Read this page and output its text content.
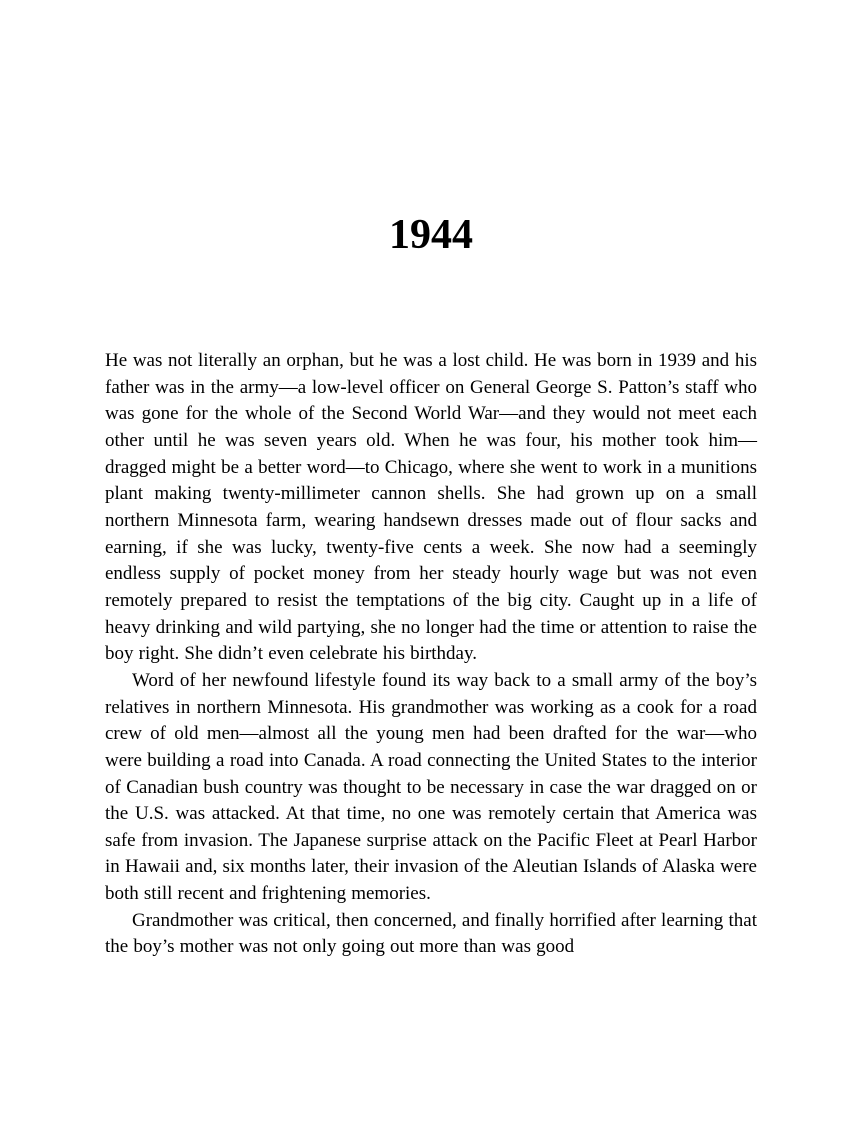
1944

He was not literally an orphan, but he was a lost child. He was born in 1939 and his father was in the army—a low-level officer on General George S. Patton’s staff who was gone for the whole of the Second World War—and they would not meet each other until he was seven years old. When he was four, his mother took him—dragged might be a better word—to Chicago, where she went to work in a munitions plant making twenty-millimeter cannon shells. She had grown up on a small northern Minnesota farm, wearing handsewn dresses made out of flour sacks and earning, if she was lucky, twenty-five cents a week. She now had a seemingly endless supply of pocket money from her steady hourly wage but was not even remotely prepared to resist the temptations of the big city. Caught up in a life of heavy drinking and wild partying, she no longer had the time or attention to raise the boy right. She didn’t even celebrate his birthday.

Word of her newfound lifestyle found its way back to a small army of the boy’s relatives in northern Minnesota. His grandmother was working as a cook for a road crew of old men—almost all the young men had been drafted for the war—who were building a road into Canada. A road connecting the United States to the interior of Canadian bush country was thought to be necessary in case the war dragged on or the U.S. was attacked. At that time, no one was remotely certain that America was safe from invasion. The Japanese surprise attack on the Pacific Fleet at Pearl Harbor in Hawaii and, six months later, their invasion of the Aleutian Islands of Alaska were both still recent and frightening memories.

Grandmother was critical, then concerned, and finally horrified after learning that the boy’s mother was not only going out more than was good
